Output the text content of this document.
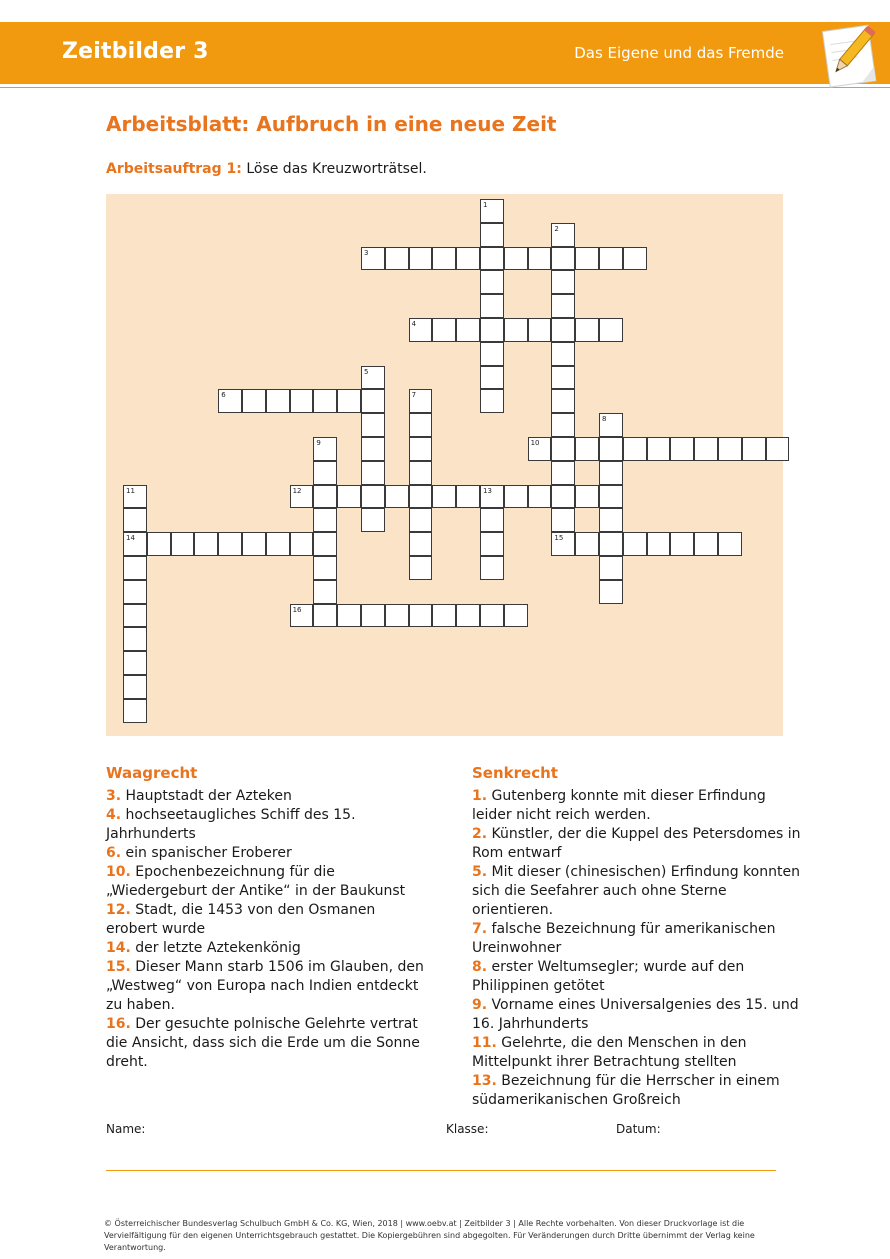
Zeitbilder 3	Das Eigene und das Fremde
Arbeitsblatt: Aufbruch in eine neue Zeit
Arbeitsauftrag 1: Löse das Kreuzworträtsel.
1
2
3
4
5
6	7
8
9	10
11
14
12	13
15
16
Waagrecht

3. Hauptstadt der Azteken

4. hochseetaugliches Schiff des 15. Jahrhunderts

6. ein spanischer Eroberer

10. Epochenbezeichnung für die „Wiedergeburt der Antike“ in der Baukunst

12. Stadt, die 1453 von den Osmanen erobert wurde

14. der letzte Aztekenkönig

15. Dieser Mann starb 1506 im Glauben, den „Westweg“ von Europa nach Indien entdeckt zu haben.

16. Der gesuchte polnische Gelehrte vertrat die Ansicht, dass sich die Erde um die Sonne dreht.

Senkrecht

1. Gutenberg konnte mit dieser Erfindung leider nicht reich werden.

2. Künstler, der die Kuppel des Petersdomes in Rom entwarf

5. Mit dieser (chinesischen) Erfindung konnten sich die Seefahrer auch ohne Sterne orientieren.

7. falsche Bezeichnung für amerikanischen Ureinwohner

8. erster Weltumsegler; wurde auf den Philippinen getötet

9. Vorname eines Universalgenies des 15. und 16. Jahrhunderts

11. Gelehrte, die den Menschen in den Mittelpunkt ihrer Betrachtung stellten

13. Bezeichnung für die Herrscher in einem südamerikanischen Großreich

Name:	Klasse:	Datum:
© Österreichischer Bundesverlag Schulbuch GmbH & Co. KG, Wien, 2018 | www.oebv.at | Zeitbilder 3 | Alle Rechte vorbehalten. Von dieser Druckvorlage ist die Vervielfältigung für den eigenen Unterrichtsgebrauch gestattet. Die Kopiergebühren sind abgegolten. Für Veränderungen durch Dritte übernimmt der Verlag keine Verantwortung.
